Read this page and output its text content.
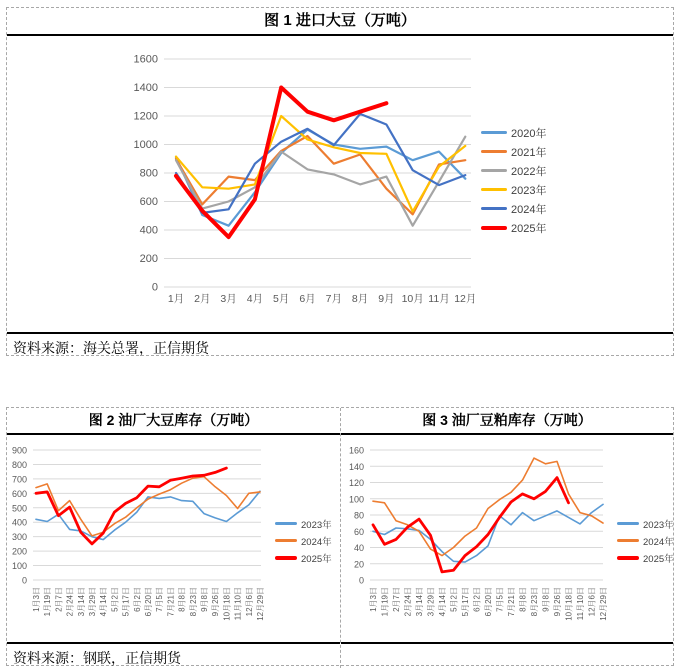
图 1 进口大豆（万吨）
0
200
400
600
800
1000
1200
1400
1600
1月 2月 3月 4月 5月 6月 7月 8月 9月 10月 11月 12月
2020年
2021年
2022年
2023年
2024年
2025年
资料来源：海关总署，正信期货
图 2 油厂大豆库存（万吨）
0
100
200
300
400
500
600
700
800
900
1月3日 1月19日 2月7日 2月24日 3月14日 3月29日 4月14日 5月2日 5月17日 6月2日 6月20日 7月5日 7月21日 8月8日 8月23日 9月8日 9月26日 10月18日 11月10日 12月6日 12月29日
2023年
2024年
2025年
资料来源：钢联，正信期货
图 3 油厂豆粕库存（万吨）
0
20
40
60
80
100
120
140
160
1月3日 1月19日 2月7日 2月24日 3月14日 3月29日 4月14日 5月2日 5月17日 6月2日 6月20日 7月5日 7月21日 8月8日 8月23日 9月8日 9月26日 10月18日 11月10日 12月6日 12月29日
2023年
2024年
2025年
